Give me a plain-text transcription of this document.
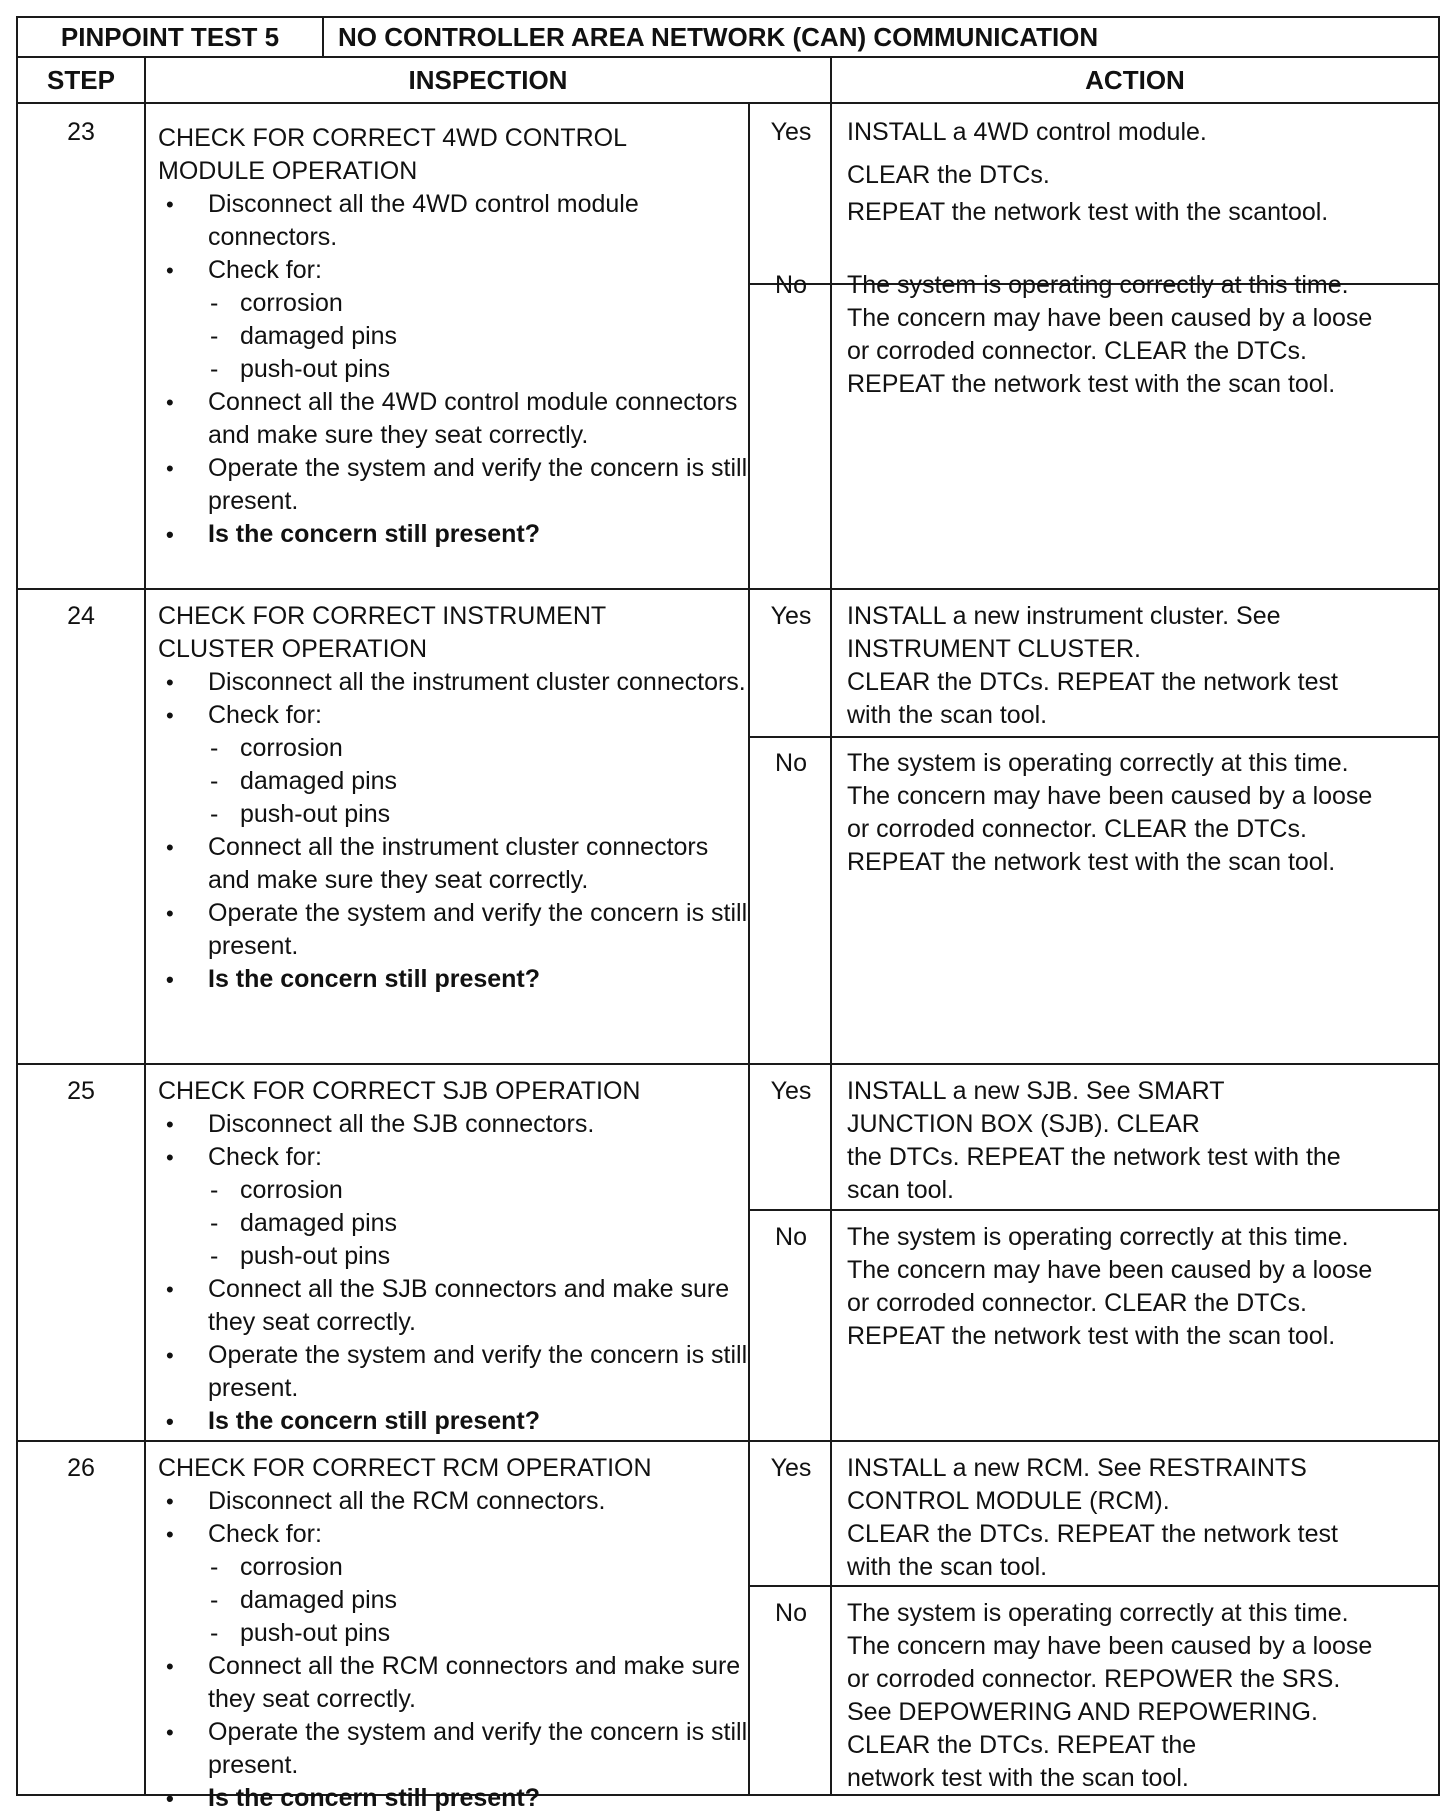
PINPOINT TEST 5	NO CONTROLLER AREA NETWORK (CAN) COMMUNICATION
STEP	INSPECTION	ACTION
23	CHECK FOR CORRECT 4WD CONTROL
MODULE OPERATION
• Disconnect all the 4WD control module connectors.
• Check for:
- corrosion
- damaged pins
- push-out pins
• Connect all the 4WD control module connectors and make sure they seat correctly.
• Operate the system and verify the concern is still present.
• Is the concern still present?
Yes	INSTALL a 4WD control module.
CLEAR the DTCs.
REPEAT the network test with the scantool.
No	The system is operating correctly at this time.
The concern may have been caused by a loose
or corroded connector. CLEAR the DTCs.
REPEAT the network test with the scan tool.
24	CHECK FOR CORRECT INSTRUMENT
CLUSTER OPERATION
• Disconnect all the instrument cluster connectors.
• Check for:
- corrosion
- damaged pins
- push-out pins
• Connect all the instrument cluster connectors and make sure they seat correctly.
• Operate the system and verify the concern is still present.
• Is the concern still present?
Yes	INSTALL a new instrument cluster. See
INSTRUMENT CLUSTER.
CLEAR the DTCs. REPEAT the network test
with the scan tool.
No	The system is operating correctly at this time.
The concern may have been caused by a loose
or corroded connector. CLEAR the DTCs.
REPEAT the network test with the scan tool.
25	CHECK FOR CORRECT SJB OPERATION
• Disconnect all the SJB connectors.
• Check for:
- corrosion
- damaged pins
- push-out pins
• Connect all the SJB connectors and make sure they seat correctly.
• Operate the system and verify the concern is still present.
• Is the concern still present?
Yes	INSTALL a new SJB. See SMART
JUNCTION BOX (SJB). CLEAR
the DTCs. REPEAT the network test with the
scan tool.
No	The system is operating correctly at this time.
The concern may have been caused by a loose
or corroded connector. CLEAR the DTCs.
REPEAT the network test with the scan tool.
26	CHECK FOR CORRECT RCM OPERATION
• Disconnect all the RCM connectors.
• Check for:
- corrosion
- damaged pins
- push-out pins
• Connect all the RCM connectors and make sure they seat correctly.
• Operate the system and verify the concern is still present.
• Is the concern still present?
Yes	INSTALL a new RCM. See RESTRAINTS
CONTROL MODULE (RCM).
CLEAR the DTCs. REPEAT the network test
with the scan tool.
No	The system is operating correctly at this time.
The concern may have been caused by a loose
or corroded connector. REPOWER the SRS.
See DEPOWERING AND REPOWERING.
CLEAR the DTCs. REPEAT the
network test with the scan tool.
